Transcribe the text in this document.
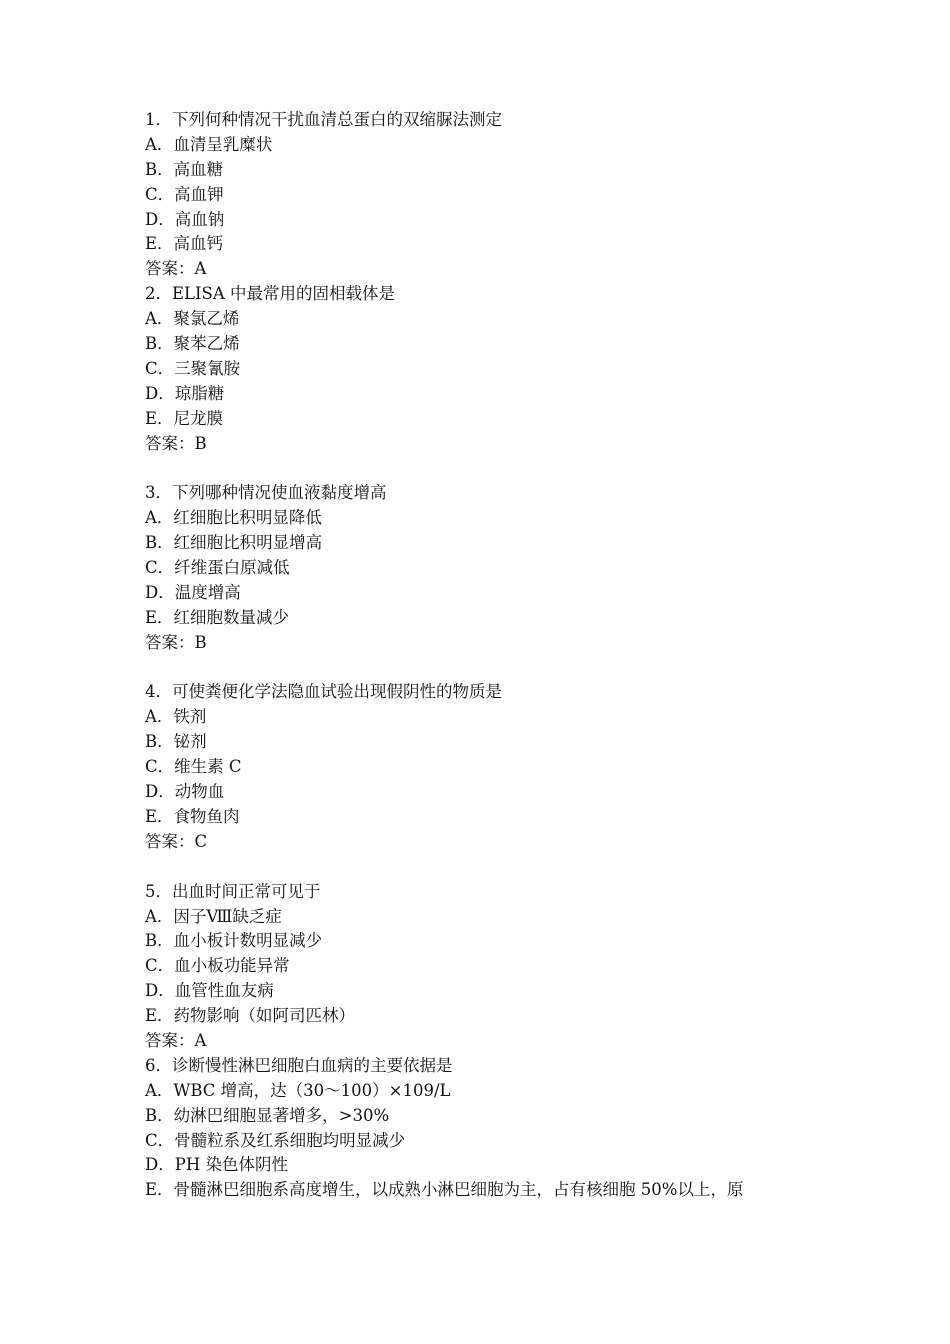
1．下列何种情况干扰血清总蛋白的双缩脲法测定
A．血清呈乳糜状
B．高血糖
C．高血钾
D．高血钠
E．高血钙
答案：A
2．ELISA 中最常用的固相载体是
A．聚氯乙烯
B．聚苯乙烯
C．三聚氰胺
D．琼脂糖
E．尼龙膜
答案：B
3．下列哪种情况使血液黏度增高
A．红细胞比积明显降低
B．红细胞比积明显增高
C．纤维蛋白原减低
D．温度增高
E．红细胞数量减少
答案：B
4．可使粪便化学法隐血试验出现假阴性的物质是
A．铁剂
B．铋剂
C．维生素 C
D．动物血
E．食物鱼肉
答案：C
5．出血时间正常可见于
A．因子Ⅷ缺乏症
B．血小板计数明显减少
C．血小板功能异常
D．血管性血友病
E．药物影响（如阿司匹林）
答案：A
6．诊断慢性淋巴细胞白血病的主要依据是
A．WBC 增高，达（30～100）×109/L
B．幼淋巴细胞显著增多，>30%
C．骨髓粒系及红系细胞均明显减少
D．PH 染色体阴性
E．骨髓淋巴细胞系高度增生，以成熟小淋巴细胞为主，占有核细胞 50%以上，原
